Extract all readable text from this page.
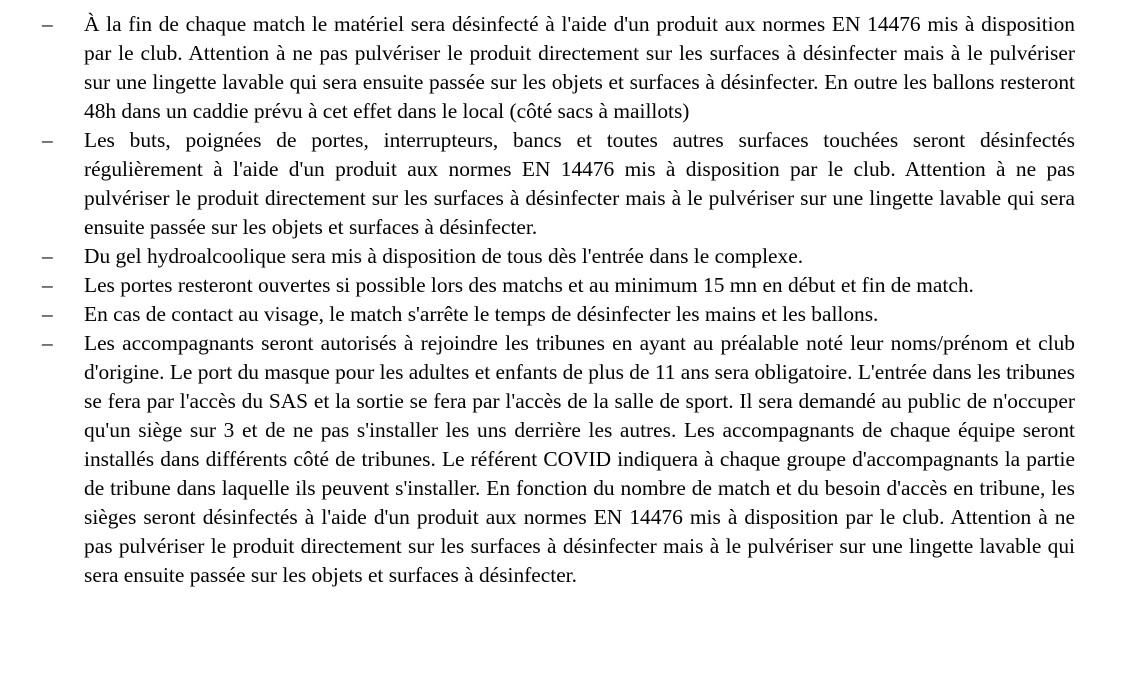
–	À la fin de chaque match le matériel sera désinfecté à l'aide d'un produit aux normes EN 14476 mis à disposition par le club. Attention à ne pas pulvériser le produit directement sur les surfaces à désinfecter mais à le pulvériser sur une lingette lavable qui sera ensuite passée sur les objets et surfaces à désinfecter. En outre les ballons resteront 48h dans un caddie prévu à cet effet dans le local (côté sacs à maillots)
–	Les buts, poignées de portes, interrupteurs, bancs et toutes autres surfaces touchées seront désinfectés régulièrement à l'aide d'un produit aux normes EN 14476 mis à disposition par le club. Attention à ne pas pulvériser le produit directement sur les surfaces à désinfecter mais à le pulvériser sur une lingette lavable qui sera ensuite passée sur les objets et surfaces à désinfecter.
–	Du gel hydroalcoolique sera mis à disposition de tous dès l'entrée dans le complexe.
–	Les portes resteront ouvertes si possible lors des matchs et au minimum 15 mn en début et fin de match.
–	En cas de contact au visage, le match s'arrête le temps de désinfecter les mains et les ballons.
–	Les accompagnants seront autorisés à rejoindre les tribunes en ayant au préalable noté leur noms/prénom et club d'origine. Le port du masque pour les adultes et enfants de plus de 11 ans sera obligatoire. L'entrée dans les tribunes se fera par l'accès du SAS et la sortie se fera par l'accès de la salle de sport. Il sera demandé au public de n'occuper qu'un siège sur 3 et de ne pas s'installer les uns derrière les autres. Les accompagnants de chaque équipe seront installés dans différents côté de tribunes. Le référent COVID indiquera à chaque groupe d'accompagnants la partie de tribune dans laquelle ils peuvent s'installer. En fonction du nombre de match et du besoin d'accès en tribune, les sièges seront désinfectés à l'aide d'un produit aux normes EN 14476 mis à disposition par le club. Attention à ne pas pulvériser le produit directement sur les surfaces à désinfecter mais à le pulvériser sur une lingette lavable qui sera ensuite passée sur les objets et surfaces à désinfecter.
